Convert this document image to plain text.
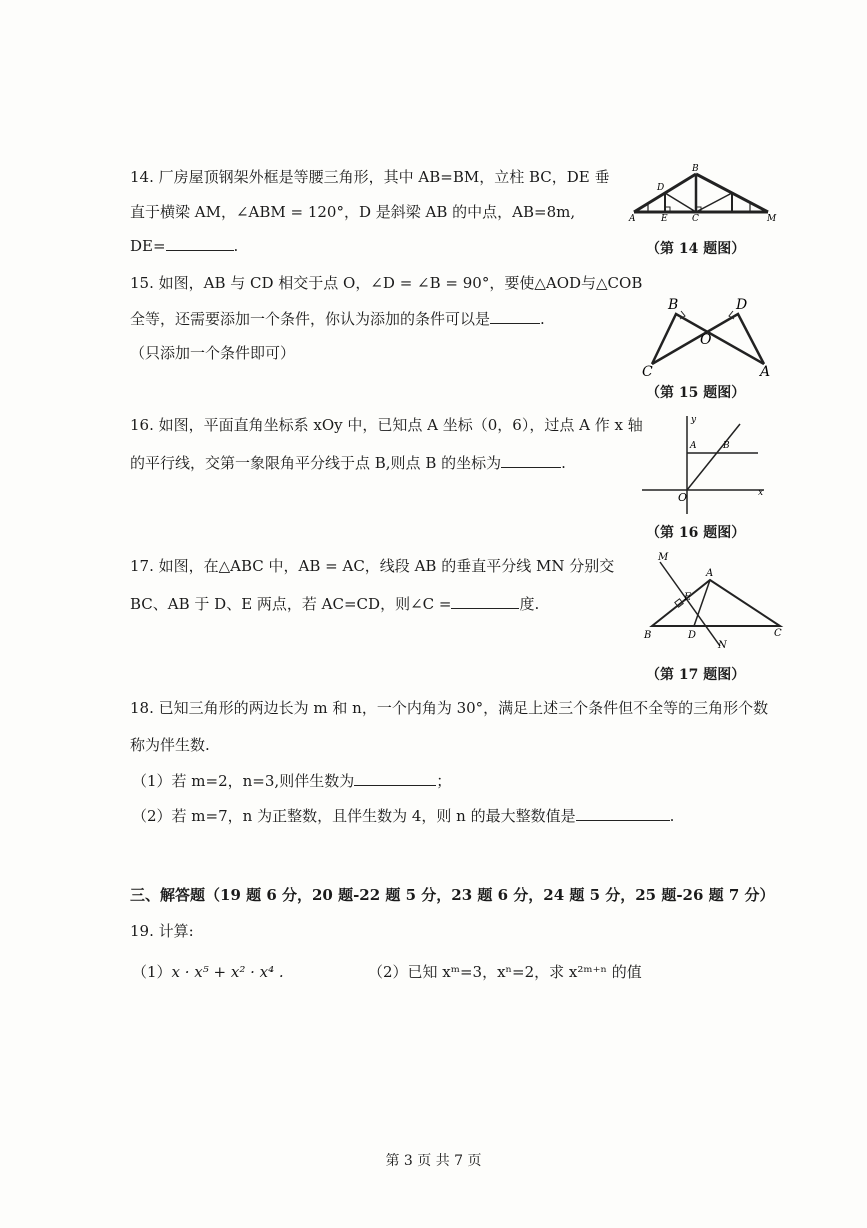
14. 厂房屋顶钢架外框是等腰三角形，其中 AB=BM，立柱 BC，DE 垂
直于横梁 AM，∠ABM = 120°，D 是斜梁 AB 的中点，AB=8m,
DE=	.
A	E	C	M
B
D
（第 14 题图）
15. 如图，AB 与 CD 相交于点 O，∠D = ∠B = 90°，要使△AOD与△COB
全等，还需要添加一个条件，你认为添加的条件可以是	.
（只添加一个条件即可）
B	D
O
C	A
（第 15 题图）
16. 如图，平面直角坐标系 xOy 中，已知点 A 坐标（0，6），过点 A 作 x 轴
的平行线，交第一象限角平分线于点 B,则点 B 的坐标为	.
y
A	B
O	x
（第 16 题图）
17. 如图，在△ABC 中，AB = AC，线段 AB 的垂直平分线 MN 分别交
BC、AB 于 D、E 两点，若 AC=CD，则∠C =	度.
M
A
E
B	D	C
N
（第 17 题图）
18. 已知三角形的两边长为 m 和 n，一个内角为 30°，满足上述三个条件但不全等的三角形个数
称为伴生数.
（1）若 m=2，n=3,则伴生数为	；
（2）若 m=7，n 为正整数，且伴生数为 4，则 n 的最大整数值是	.
三、解答题（19 题 6 分，20 题-22 题 5 分，23 题 6 分，24 题 5 分，25 题-26 题 7 分）
19. 计算:
（1）x · x⁵ + x² · x⁴ .	（2）已知 xᵐ=3，xⁿ=2，求 x²ᵐ⁺ⁿ 的值
第 3 页 共 7 页
